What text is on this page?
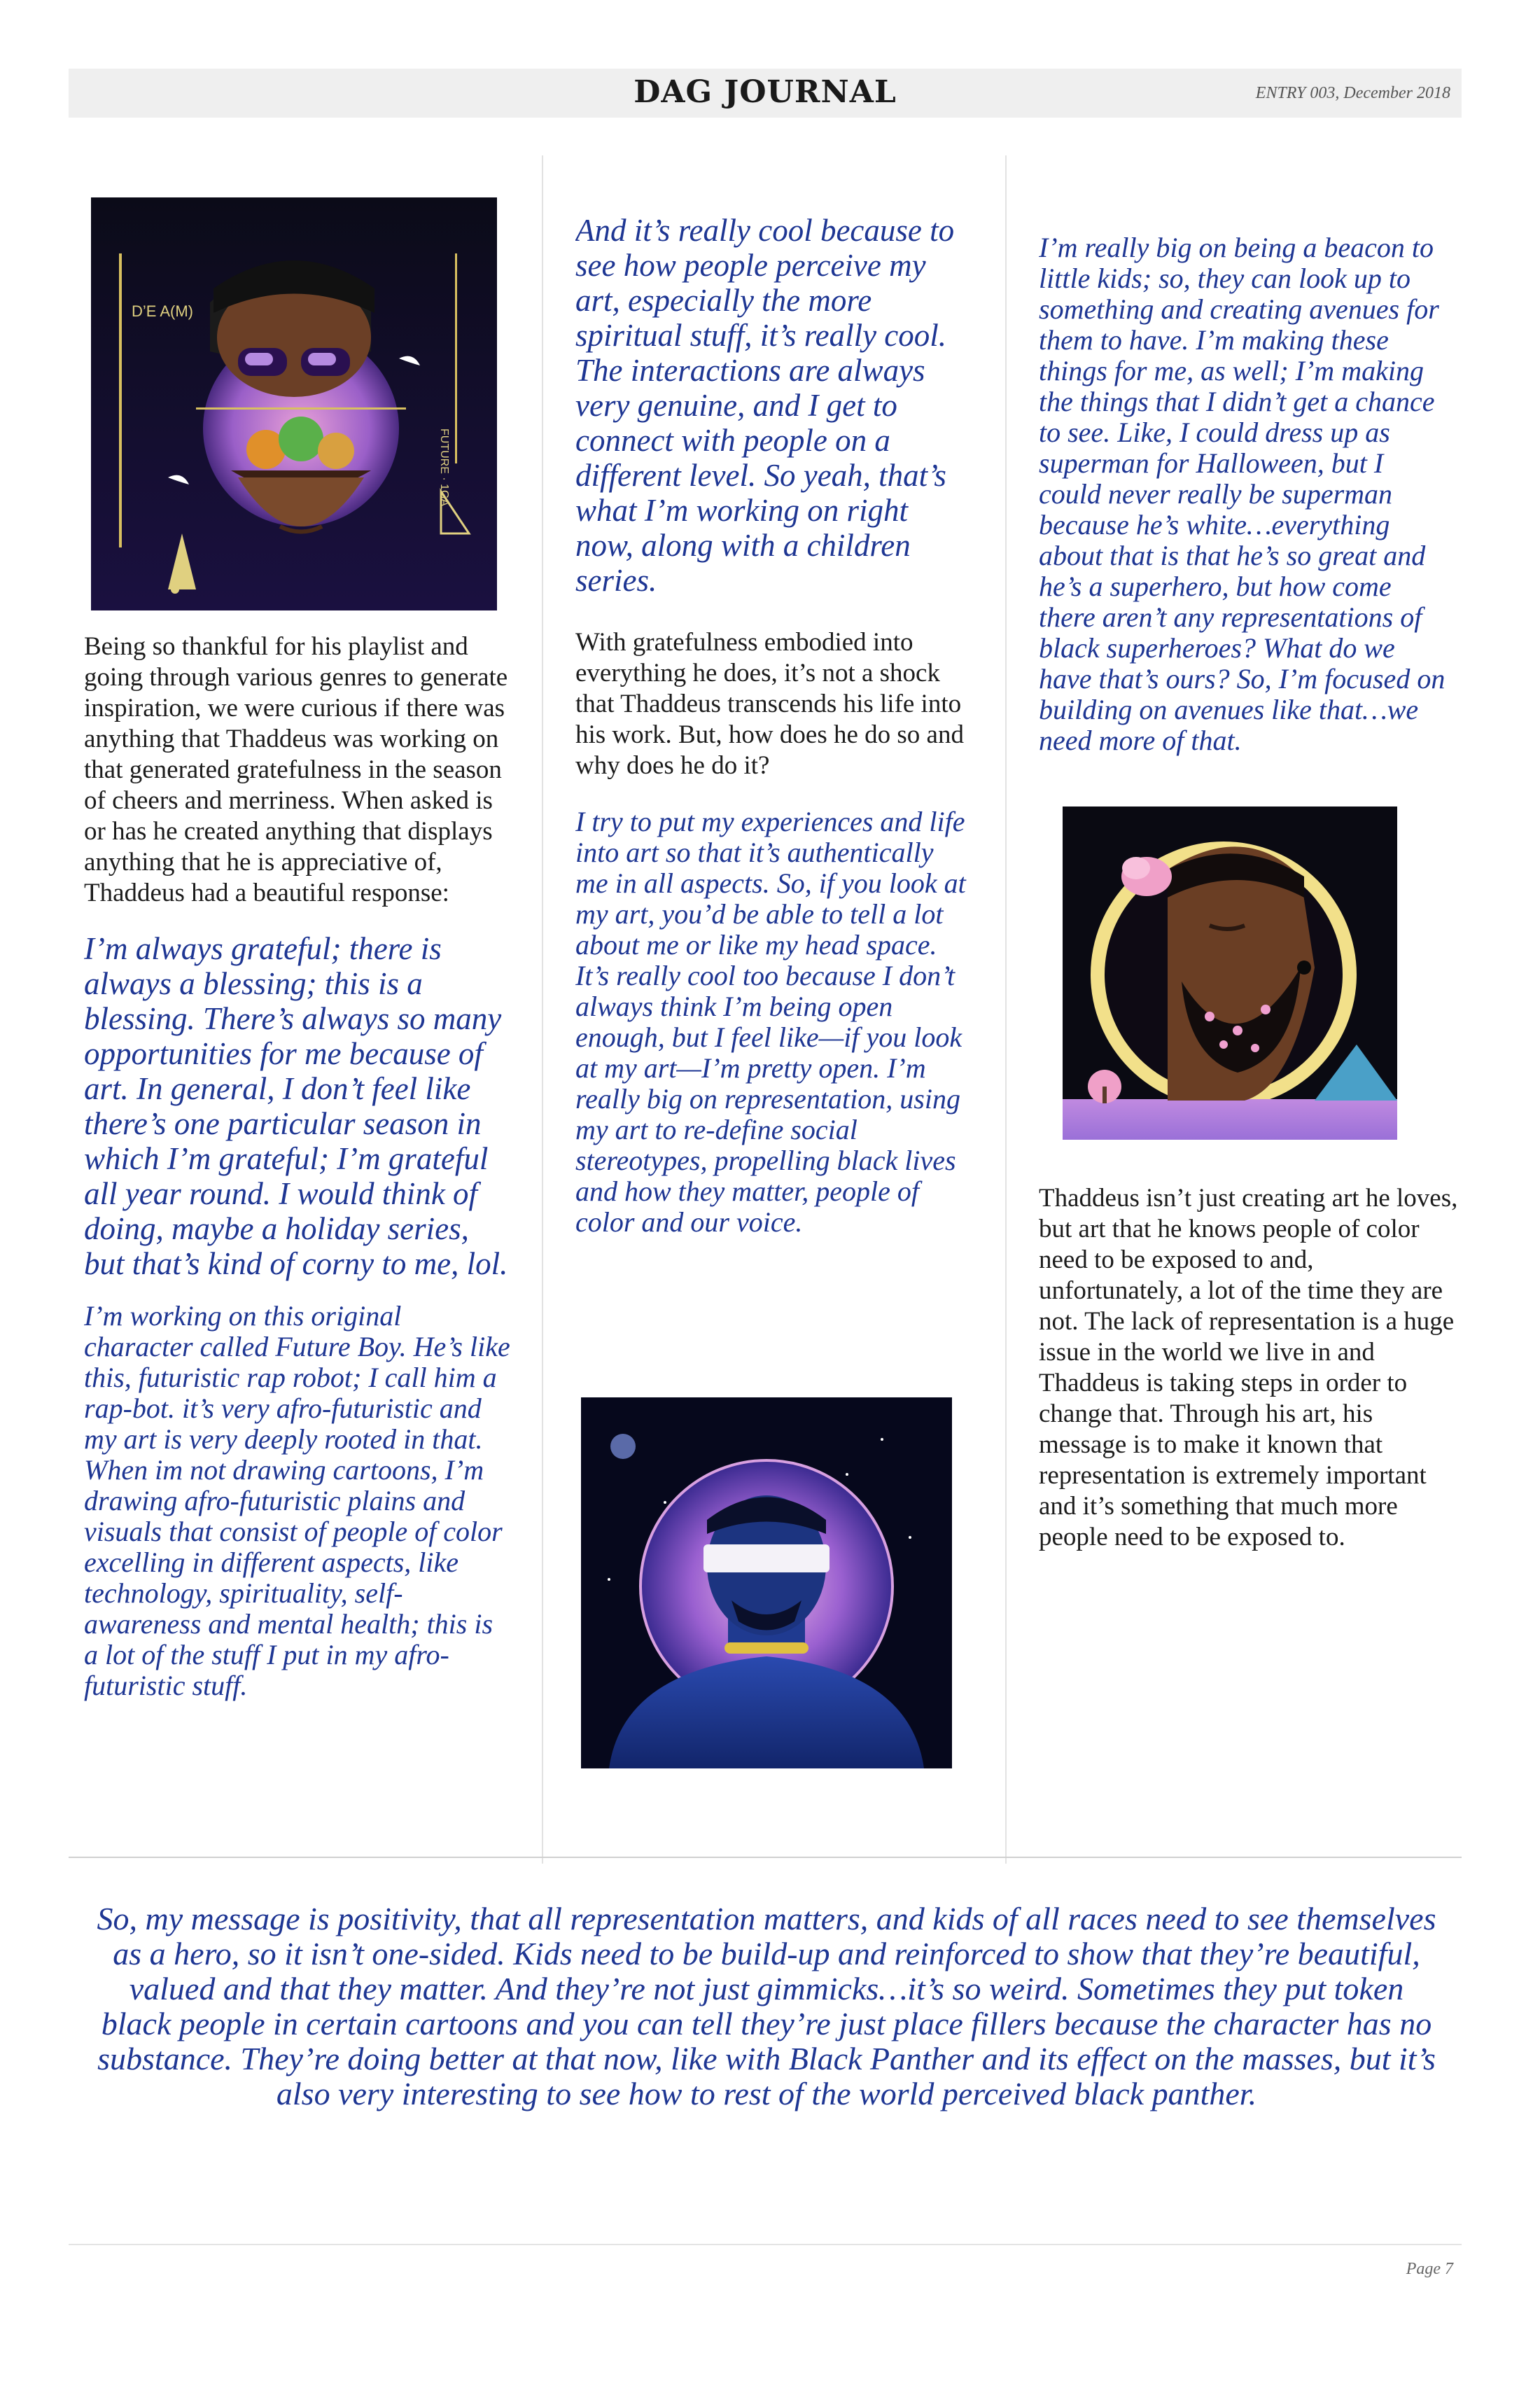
DAG JOURNAL	ENTRY 003, December 2018
D’E A(M)
FUTURE · 1GA

Being so thankful for his playlist and going through various genres to generate inspiration, we were curious if there was anything that Thaddeus was working on that generated gratefulness in the season of cheers and merriness. When asked is or has he created anything that displays anything that he is appreciative of, Thaddeus had a beautiful response:

I’m always grateful; there is always a blessing; this is a blessing. There’s always so many opportunities for me because of art. In general, I don’t feel like there’s one particular season in which I’m grateful; I’m grateful all year round. I would think of doing, maybe a holiday series, but that’s kind of corny to me, lol.

I’m working on this original character called Future Boy. He’s like this, futuristic rap robot; I call him a rap-bot. it’s very afro-futuristic and my art is very deeply rooted in that. When im not drawing cartoons, I’m drawing afro-futuristic plains and visuals that consist of people of color excelling in different aspects, like technology, spirituality, self-awareness and mental health; this is a lot of the stuff I put in my afro-futuristic stuff.

And it’s really cool because to see how people perceive my art, especially the more spiritual stuff, it’s really cool. The interactions are always very genuine, and I get to connect with people on a different level. So yeah, that’s what I’m working on right now, along with a children series.

With gratefulness embodied into everything he does, it’s not a shock that Thaddeus transcends his life into his work. But, how does he do so and why does he do it?

I try to put my experiences and life into art so that it’s authentically me in all aspects. So, if you look at my art, you’d be able to tell a lot about me or like my head space. It’s really cool too because I don’t always think I’m being open enough, but I feel like—if you look at my art—I’m pretty open. I’m really big on representation, using my art to re-define social stereotypes, propelling black lives and how they matter, people of color and our voice.

I’m really big on being a beacon to little kids; so, they can look up to something and creating avenues for them to have. I’m making these things for me, as well; I’m making the things that I didn’t get a chance to see. Like, I could dress up as superman for Halloween, but I could never really be superman because he’s white…everything about that is that he’s so great and he’s a superhero, but how come there aren’t any representations of black superheroes? What do we have that’s ours? So, I’m focused on building on avenues like that…we need more of that.

Thaddeus isn’t just creating art he loves, but art that he knows people of color need to be exposed to and, unfortunately, a lot of the time they are not. The lack of representation is a huge issue in the world we live in and Thaddeus is taking steps in order to change that. Through his art, his message is to make it known that representation is extremely important and it’s something that much more people need to be exposed to.

So, my message is positivity, that all representation matters, and kids of all races need to see themselves as a hero, so it isn’t one-sided. Kids need to be build-up and reinforced to show that they’re beautiful, valued and that they matter. And they’re not just gimmicks…it’s so weird. Sometimes they put token black people in certain cartoons and you can tell they’re just place fillers because the character has no substance. They’re doing better at that now, like with Black Panther and its effect on the masses, but it’s also very interesting to see how to rest of the world perceived black panther.

Page 7
